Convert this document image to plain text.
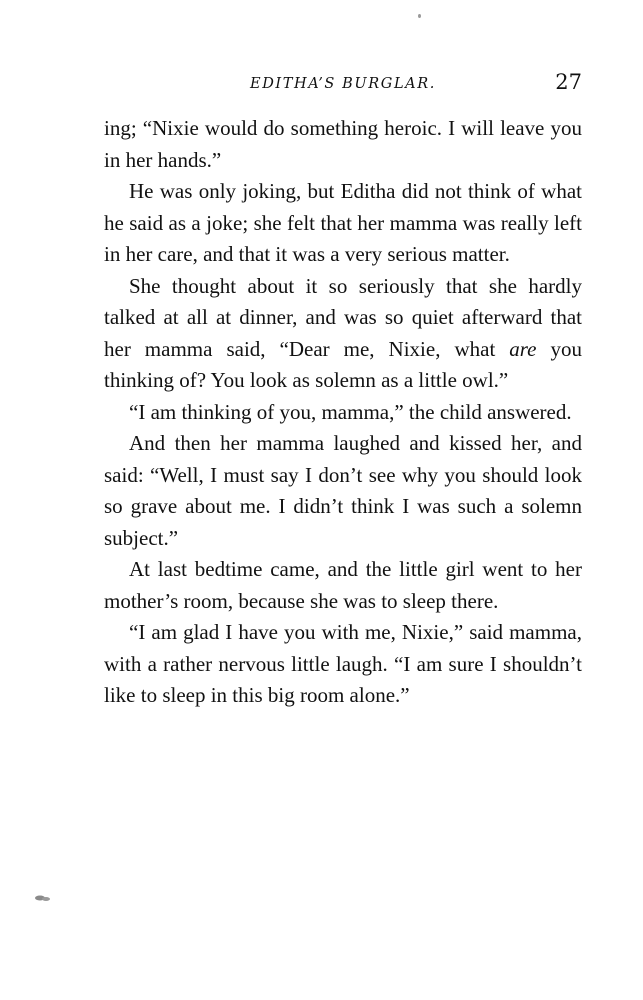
EDITHA’S BURGLAR.	27

ing; “Nixie would do something heroic. I will leave you in her hands.”

He was only joking, but Editha did not think of what he said as a joke; she felt that her mamma was really left in her care, and that it was a very serious matter.

She thought about it so seriously that she hardly talked at all at dinner, and was so quiet afterward that her mamma said, “Dear me, Nixie, what are you thinking of? You look as solemn as a little owl.”

“I am thinking of you, mamma,” the child answered.

And then her mamma laughed and kissed her, and said: “Well, I must say I don’t see why you should look so grave about me. I didn’t think I was such a solemn subject.”

At last bedtime came, and the little girl went to her mother’s room, because she was to sleep there.

“I am glad I have you with me, Nixie,” said mamma, with a rather nervous little laugh. “I am sure I shouldn’t like to sleep in this big room alone.”
